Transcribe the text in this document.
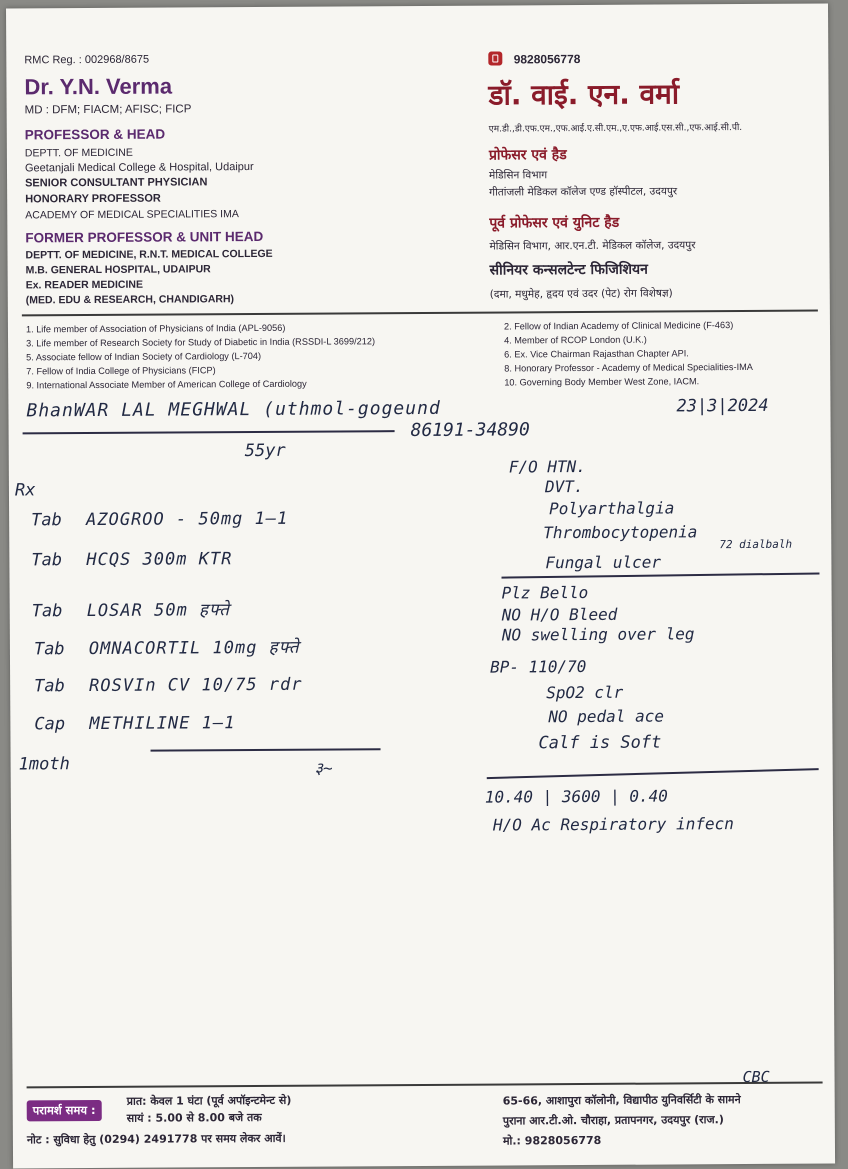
RMC Reg. : 002968/8675
Dr. Y.N. Verma
MD : DFM; FIACM; AFISC; FICP
PROFESSOR & HEAD
DEPTT. OF MEDICINE
Geetanjali Medical College & Hospital, Udaipur
SENIOR CONSULTANT PHYSICIAN
HONORARY PROFESSOR
ACADEMY OF MEDICAL SPECIALITIES IMA
FORMER PROFESSOR & UNIT HEAD
DEPTT. OF MEDICINE, R.N.T. MEDICAL COLLEGE
M.B. GENERAL HOSPITAL, UDAIPUR
Ex. READER MEDICINE
(MED. EDU & RESEARCH, CHANDIGARH)
9828056778
डॉ. वाई. एन. वर्मा
एम.डी.,डी.एफ.एम.,एफ.आई.ए.सी.एम.,ए.एफ.आई.एस.सी.,एफ.आई.सी.पी.
प्रोफेसर एवं हैड
मेडिसिन विभाग
गीतांजली मेडिकल कॉलेज एण्ड हॉस्पीटल, उदयपुर
पूर्व प्रोफेसर एवं युनिट हैड
मेडिसिन विभाग, आर.एन.टी. मेडिकल कॉलेज, उदयपुर
सीनियर कन्सलटेन्ट फिजिशियन
(दमा, मधुमेह, हृदय एवं उदर (पेट) रोग विशेषज्ञ)
1. Life member of Association of Physicians of India (APL-9056)
3. Life member of Research Society for Study of Diabetic in India (RSSDI-L 3699/212)
5. Associate fellow of Indian Society of Cardiology (L-704)
7. Fellow of India College of Physicians (FICP)
9. International Associate Member of American College of Cardiology
2. Fellow of Indian Academy of Clinical Medicine (F-463)
4. Member of RCOP London (U.K.)
6. Ex. Vice Chairman Rajasthan Chapter API.
8. Honorary Professor - Academy of Medical Specialities-IMA
10. Governing Body Member West Zone, IACM.
BhanWAR LAL MEGHWAL (uthmol-gogeund	23|3|2024
86191-34890
55yr
Rx
Tab AZOGROO - 50mg 1—1
Tab HCQS 300m KTR
Tab LOSAR 50m हफ्ते
Tab OMNACORTIL 10mg हफ्ते
Tab ROSVIn CV 10/75 rdr
Cap METHILINE 1—1
1moth	३~
F/O HTN.
DVT.
Polyarthalgia
Thrombocytopenia
72 dialbalh
Fungal ulcer
Plz Bello
NO H/O Bleed
NO swelling over leg
BP- 110/70
SpO2 clr
NO pedal ace
Calf is Soft
10.40 | 3600 | 0.40
H/O Ac Respiratory infecn
CBC
परामर्श समय :
प्रात: केवल 1 घंटा (पूर्व अपॉइन्टमेन्ट से)
सायं : 5.00 से 8.00 बजे तक
नोट : सुविधा हेतु (0294) 2491778 पर समय लेकर आवें।
65-66, आशापुरा कॉलोनी, विद्यापीठ युनिवर्सिटी के सामने
पुराना आर.टी.ओ. चौराहा, प्रतापनगर, उदयपुर (राज.)
मो.: 9828056778
